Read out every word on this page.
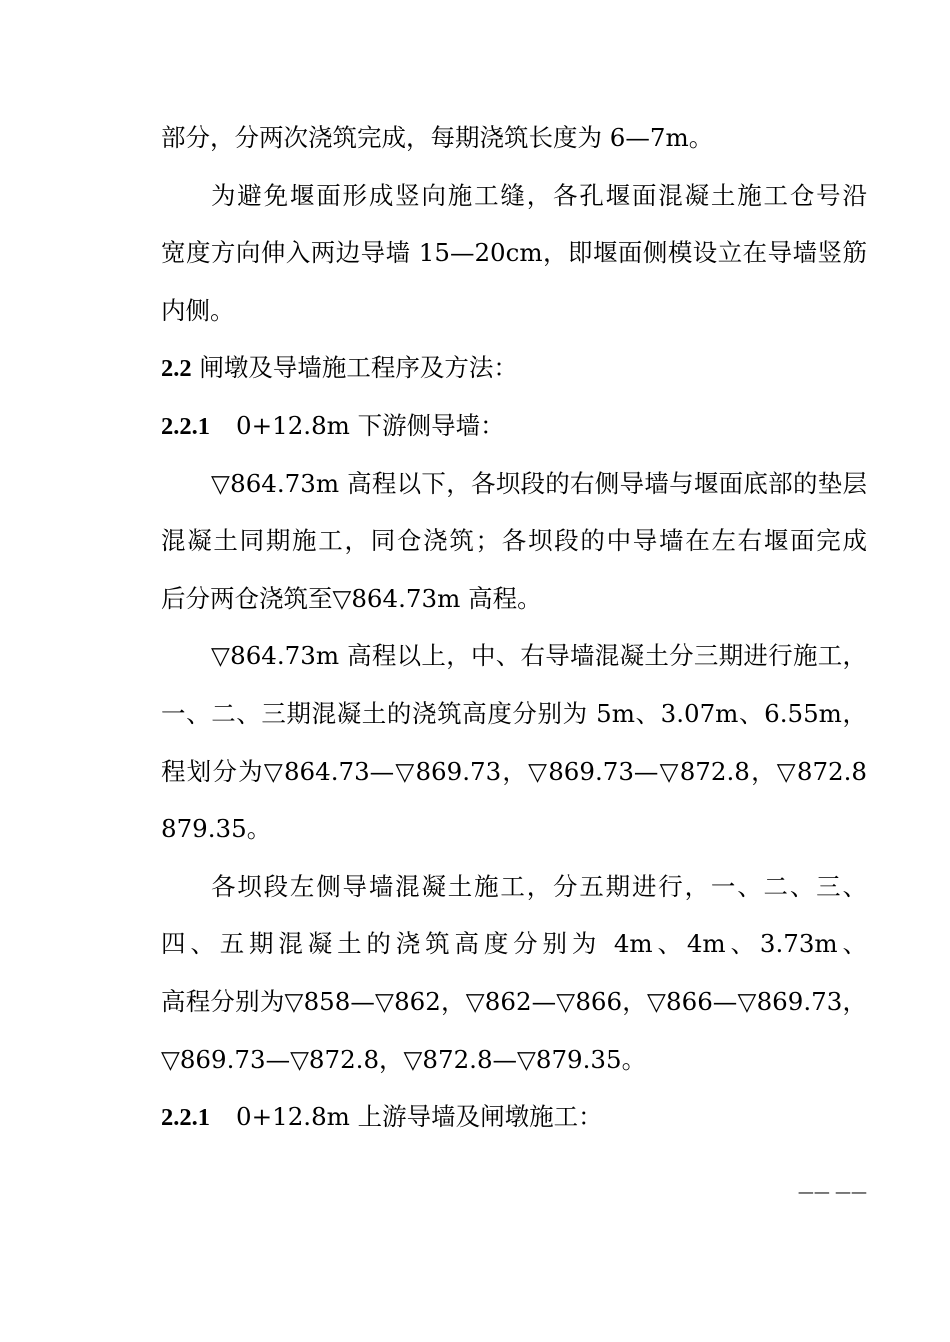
部分，分两次浇筑完成，每期浇筑长度为 6—7m。
为避免堰面形成竖向施工缝，各孔堰面混凝土施工仓号沿
宽度方向伸入两边导墙 15—20cm，即堰面侧模设立在导墙竖筋
内侧。
2.2 闸墩及导墙施工程序及方法：
2.2.1 0+12.8m 下游侧导墙：
▽864.73m 高程以下，各坝段的右侧导墙与堰面底部的垫层
混凝土同期施工，同仓浇筑；各坝段的中导墙在左右堰面完成
后分两仓浇筑至▽864.73m 高程。
▽864.73m 高程以上，中、右导墙混凝土分三期进行施工，
一、二、三期混凝土的浇筑高度分别为 5m、3.07m、6.55m，
程划分为▽864.73—▽869.73，▽869.73—▽872.8，▽872.8
879.35。
各坝段左侧导墙混凝土施工，分五期进行，一、二、三、
四、五期混凝土的浇筑高度分别为 4m、4m、3.73m、
高程分别为▽858—▽862，▽862—▽866，▽866—▽869.73，
▽869.73—▽872.8，▽872.8—▽879.35。
2.2.1 0+12.8m 上游导墙及闸墩施工：
—— ——
